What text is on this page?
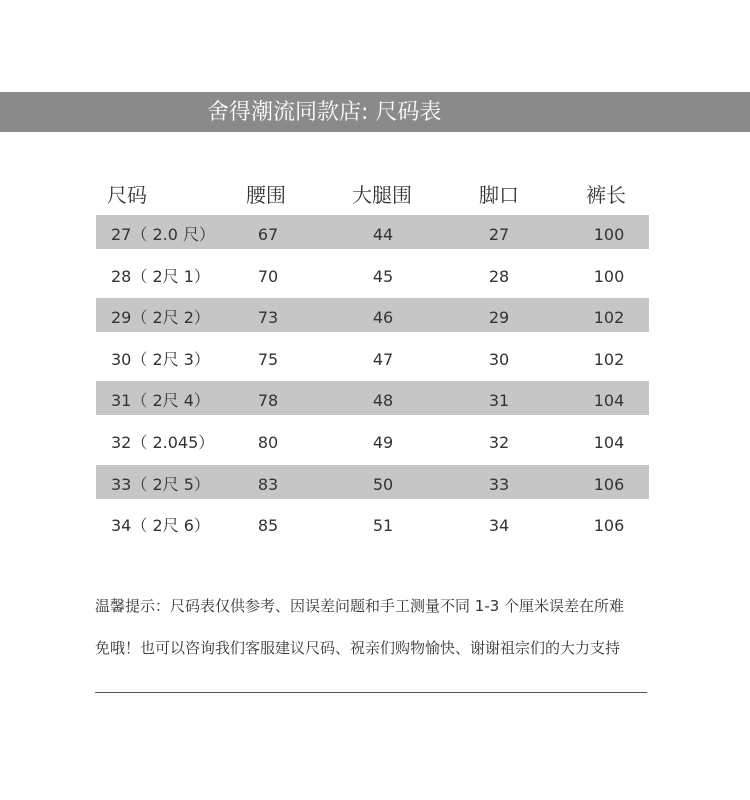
舍得潮流同款店: 尺码表
尺码	腰围	大腿围	脚口	裤长
27（ 2.0 尺）	67	44	27	100
28（ 2尺 1）	70	45	28	100
29（ 2尺 2）	73	46	29	102
30（ 2尺 3）	75	47	30	102
31（ 2尺 4）	78	48	31	104
32（ 2.045）	80	49	32	104
33（ 2尺 5）	83	50	33	106
34（ 2尺 6）	85	51	34	106
温馨提示：尺码表仅供参考、因误差问题和手工测量不同 1-3 个厘米误差在所难
免哦！也可以咨询我们客服建议尺码、祝亲们购物愉快、谢谢祖宗们的大力支持
